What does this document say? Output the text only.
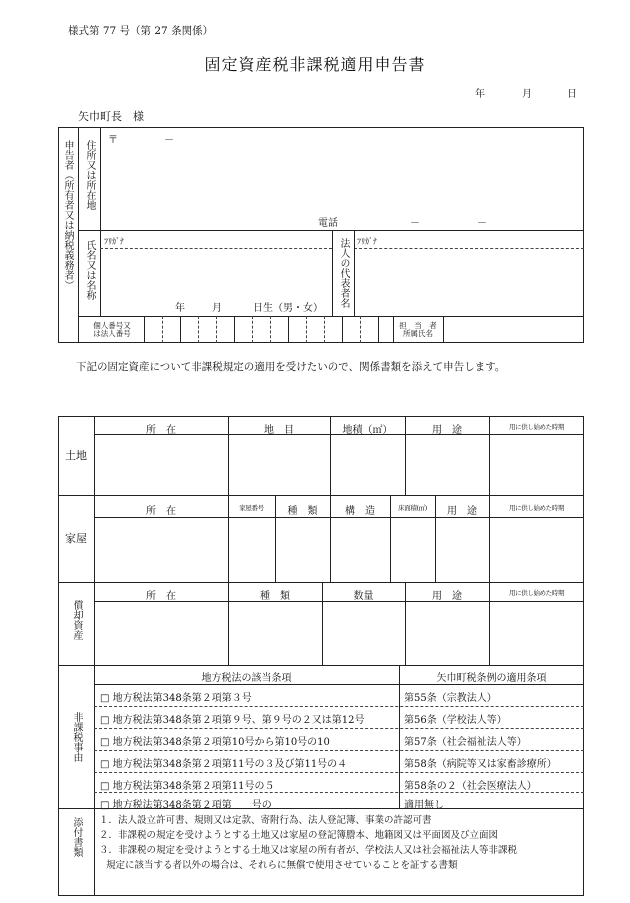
様式第 77 号（第 27 条関係）
固定資産税非課税適用申告書
年	月	日
矢巾町長　様
申告者（所有者又は納税義務者） 住所又は所在地 〒	－
電話	－	－
氏名又は名称 ﾌﾘｶﾞﾅ
年	月	日生（男・女）
法人の代表者名 ﾌﾘｶﾞﾅ
個人番号又
は法人番号
担　当　者
所属氏名
下記の固定資産について非課税規定の適用を受けたいので、関係書類を添えて申告します。
土地
所　在	地　目	地積（㎡）	用　途	用に供し始めた時期
家屋
所　在	家屋番号	種　類	構　造	床面積(㎡)	用　途	用に供し始めた時期
償却資産
所　在	種　類	数量	用　途	用に供し始めた時期
非課税事由
地方税法の該当条項	矢巾町税条例の適用条項
□ 地方税法第348条第２項第３号	第55条（宗教法人）
□ 地方税法第348条第２項第９号、第９号の２又は第12号	第56条（学校法人等）
□ 地方税法第348条第２項第10号から第10号の10	第57条（社会福祉法人等）
□ 地方税法第348条第２項第11号の３及び第11号の４	第58条（病院等又は家畜診療所）
□ 地方税法第348条第２項第11号の５	第58条の２（社会医療法人）
□ 地方税法第348条第２項第　　号の	適用無し
添付書類 １．法人設立許可書、規則又は定款、寄附行為、法人登記簿、事業の許認可書
２．非課税の規定を受けようとする土地又は家屋の登記簿謄本、地籍図又は平面図及び立面図
３．非課税の規定を受けようとする土地又は家屋の所有者が、学校法人又は社会福祉法人等非課税
規定に該当する者以外の場合は、それらに無償で使用させていることを証する書類
